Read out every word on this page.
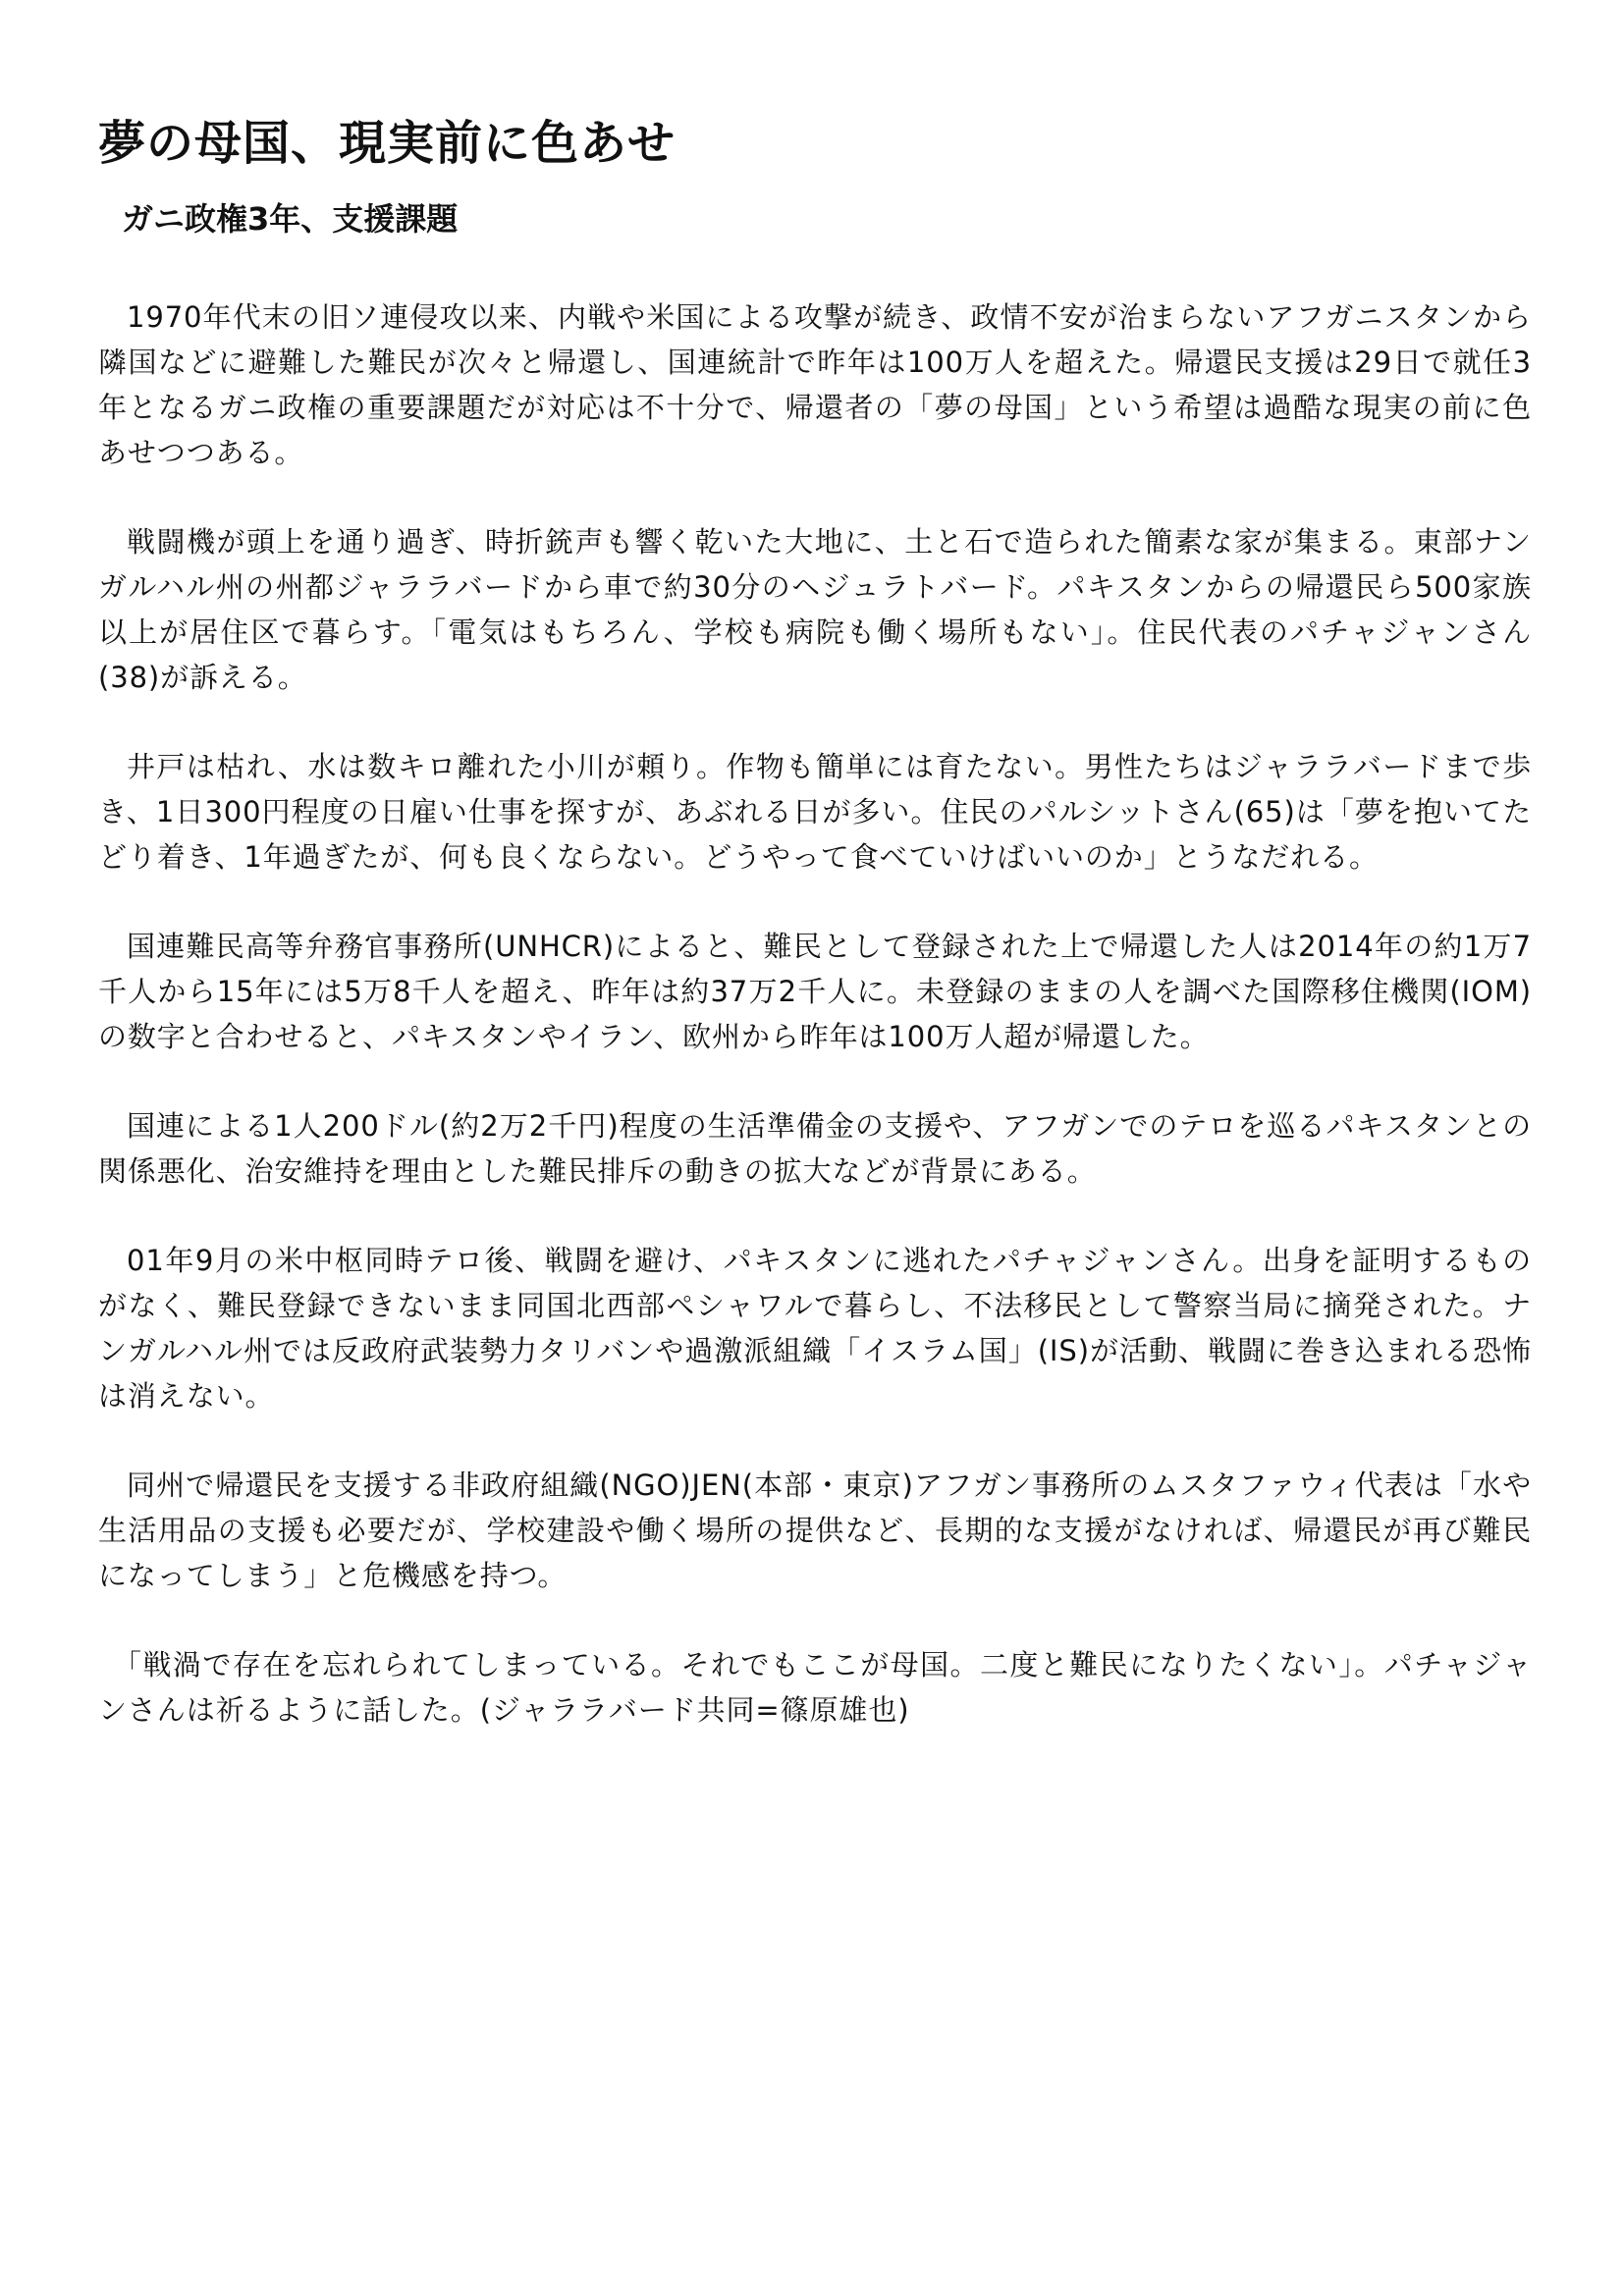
夢の母国、現実前に色あせ
ガニ政権3年、支援課題

1970年代末の旧ソ連侵攻以来、内戦や米国による攻撃が続き、政情不安が治まらないアフガニスタンから隣国などに避難した難民が次々と帰還し、国連統計で昨年は100万人を超えた。帰還民支援は29日で就任3年となるガニ政権の重要課題だが対応は不十分で、帰還者の「夢の母国」という希望は過酷な現実の前に色あせつつある。

戦闘機が頭上を通り過ぎ、時折銃声も響く乾いた大地に、土と石で造られた簡素な家が集まる。東部ナンガルハル州の州都ジャララバードから車で約30分のヘジュラトバード。パキスタンからの帰還民ら500家族以上が居住区で暮らす。「電気はもちろん、学校も病院も働く場所もない」。住民代表のパチャジャンさん(38)が訴える。

井戸は枯れ、水は数キロ離れた小川が頼り。作物も簡単には育たない。男性たちはジャララバードまで歩き、1日300円程度の日雇い仕事を探すが、あぶれる日が多い。住民のパルシットさん(65)は「夢を抱いてたどり着き、1年過ぎたが、何も良くならない。どうやって食べていけばいいのか」とうなだれる。

国連難民高等弁務官事務所(UNHCR)によると、難民として登録された上で帰還した人は2014年の約1万7千人から15年には5万8千人を超え、昨年は約37万2千人に。未登録のままの人を調べた国際移住機関(IOM)の数字と合わせると、パキスタンやイラン、欧州から昨年は100万人超が帰還した。

国連による1人200ドル(約2万2千円)程度の生活準備金の支援や、アフガンでのテロを巡るパキスタンとの関係悪化、治安維持を理由とした難民排斥の動きの拡大などが背景にある。

01年9月の米中枢同時テロ後、戦闘を避け、パキスタンに逃れたパチャジャンさん。出身を証明するものがなく、難民登録できないまま同国北西部ペシャワルで暮らし、不法移民として警察当局に摘発された。ナンガルハル州では反政府武装勢力タリバンや過激派組織「イスラム国」(IS)が活動、戦闘に巻き込まれる恐怖は消えない。

同州で帰還民を支援する非政府組織(NGO)JEN(本部・東京)アフガン事務所のムスタファウィ代表は「水や生活用品の支援も必要だが、学校建設や働く場所の提供など、長期的な支援がなければ、帰還民が再び難民になってしまう」と危機感を持つ。

「戦渦で存在を忘れられてしまっている。それでもここが母国。二度と難民になりたくない」。パチャジャンさんは祈るように話した。(ジャララバード共同=篠原雄也)
